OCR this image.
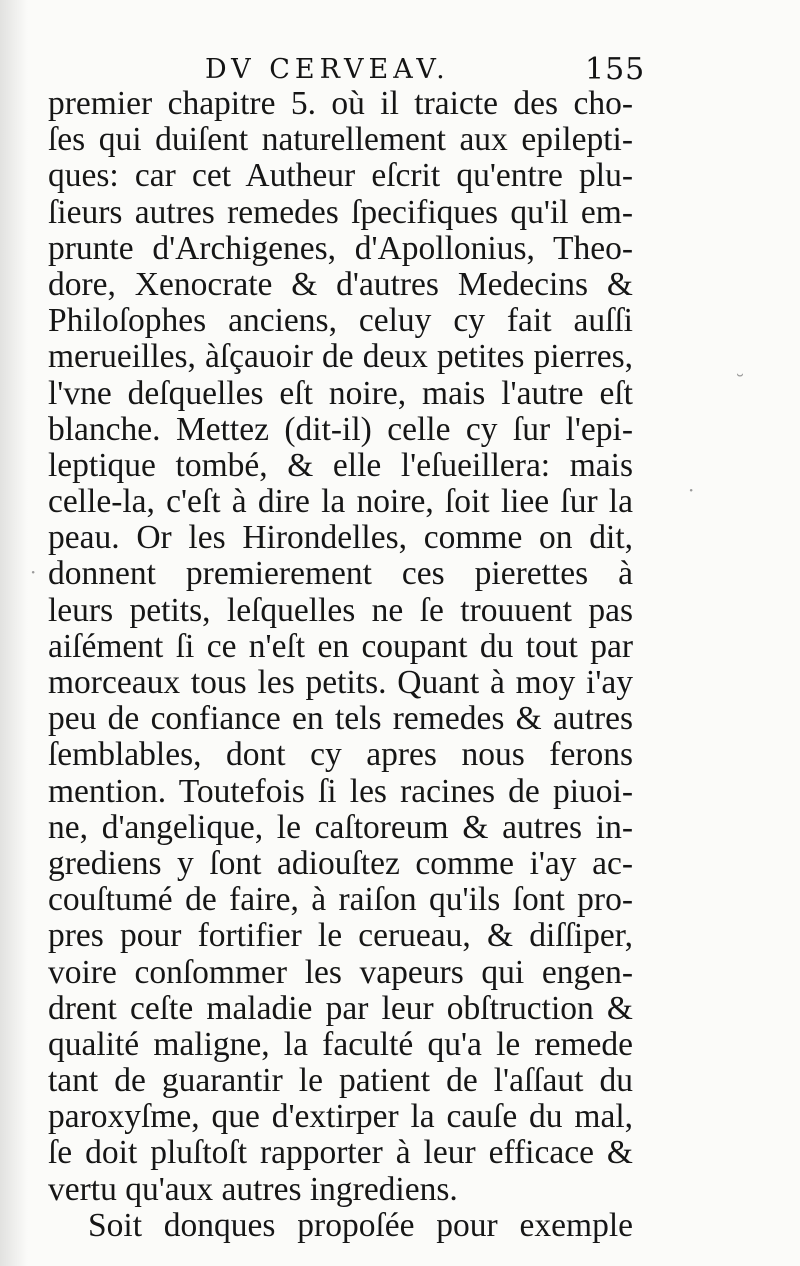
DV CERVEAV.	155
premier chapitre 5. où il traicte des cho-
ſes qui duiſent naturellement aux epilepti-
ques: car cet Autheur eſcrit qu'entre plu-
ſieurs autres remedes ſpecifiques qu'il em-
prunte d'Archigenes, d'Apollonius, Theo-
dore, Xenocrate & d'autres Medecins &
Philoſophes anciens, celuy cy fait auſſi
merueilles, àſçauoir de deux petites pierres,
l'vne deſquelles eſt noire, mais l'autre eſt
blanche. Mettez (dit-il) celle cy ſur l'epi-
leptique tombé, & elle l'eſueillera: mais
celle-la, c'eſt à dire la noire, ſoit liee ſur la
peau. Or les Hirondelles, comme on dit,
donnent premierement ces pierettes à
leurs petits, leſquelles ne ſe trouuent pas
aiſément ſi ce n'eſt en coupant du tout par
morceaux tous les petits. Quant à moy i'ay
peu de confiance en tels remedes & autres
ſemblables, dont cy apres nous ferons
mention. Toutefois ſi les racines de piuoi-
ne, d'angelique, le caſtoreum & autres in-
grediens y ſont adiouſtez comme i'ay ac-
couſtumé de faire, à raiſon qu'ils ſont pro-
pres pour fortifier le cerueau, & diſſiper,
voire conſommer les vapeurs qui engen-
drent ceſte maladie par leur obſtruction &
qualité maligne, la faculté qu'a le remede
tant de guarantir le patient de l'aſſaut du
paroxyſme, que d'extirper la cauſe du mal,
ſe doit pluſtoſt rapporter à leur efficace &
vertu qu'aux autres ingrediens.
Soit donques propoſée pour exemple
˘
·
·
